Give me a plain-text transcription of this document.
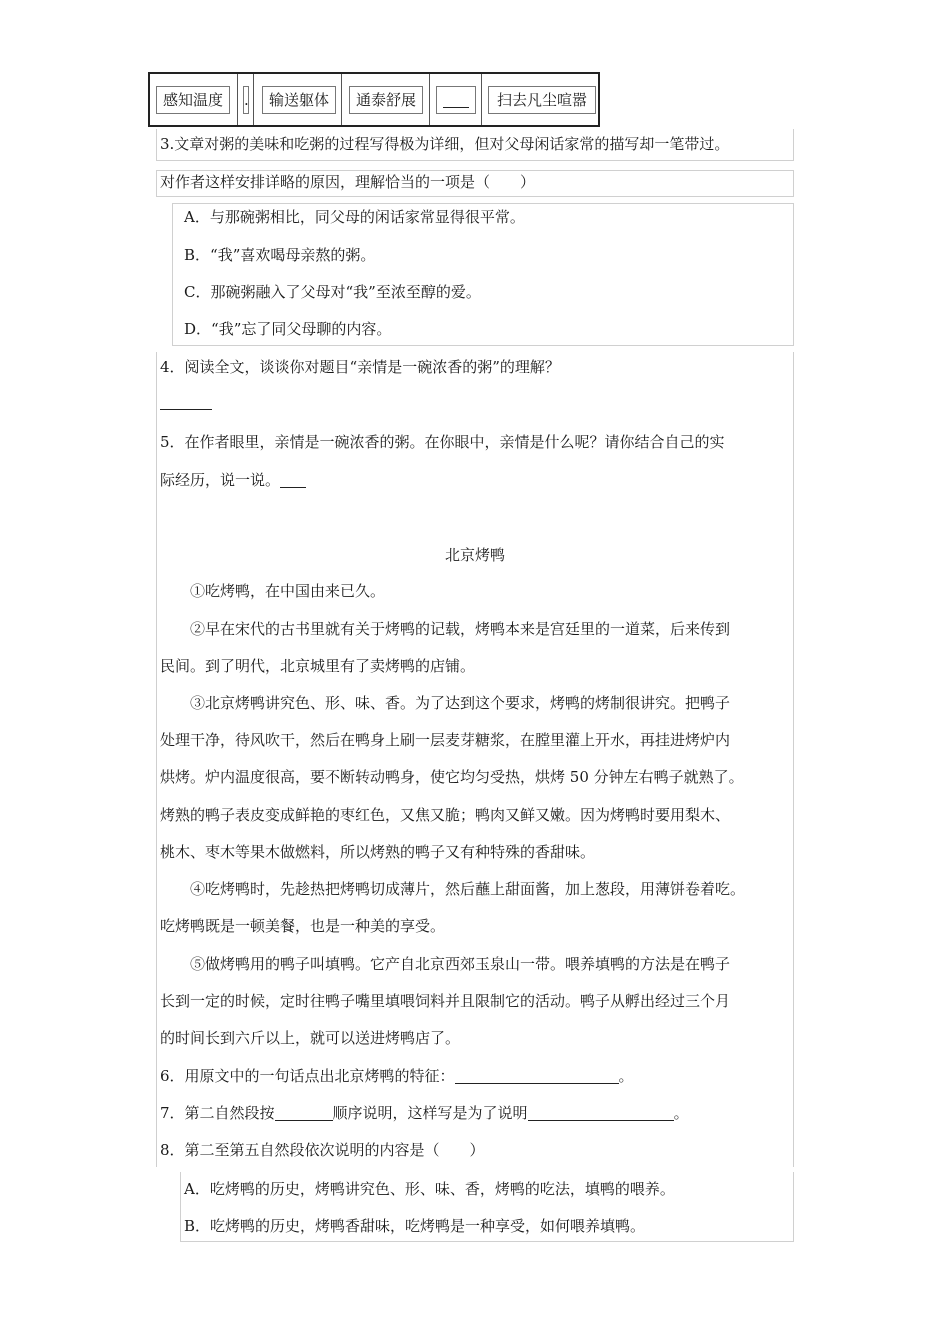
感知温度	.	输送躯体	通泰舒展	扫去凡尘喧嚣
3.文章对粥的美味和吃粥的过程写得极为详细，但对父母闲话家常的描写却一笔带过。
对作者这样安排详略的原因，理解恰当的一项是（　　）
A．与那碗粥相比，同父母的闲话家常显得很平常。
B．“我”喜欢喝母亲熬的粥。
C．那碗粥融入了父母对“我”至浓至醇的爱。
D．“我”忘了同父母聊的内容。
4．阅读全文，谈谈你对题目“亲情是一碗浓香的粥”的理解？
5．在作者眼里，亲情是一碗浓香的粥。在你眼中，亲情是什么呢？请你结合自己的实
际经历，说一说。
北京烤鸭
①吃烤鸭，在中国由来已久。
②早在宋代的古书里就有关于烤鸭的记载，烤鸭本来是宫廷里的一道菜，后来传到
民间。到了明代，北京城里有了卖烤鸭的店铺。
③北京烤鸭讲究色、形、味、香。为了达到这个要求，烤鸭的烤制很讲究。把鸭子
处理干净，待风吹干，然后在鸭身上刷一层麦芽糖浆，在膛里灌上开水，再挂进烤炉内
烘烤。炉内温度很高，要不断转动鸭身，使它均匀受热，烘烤 50 分钟左右鸭子就熟了。
烤熟的鸭子表皮变成鲜艳的枣红色，又焦又脆；鸭肉又鲜又嫩。因为烤鸭时要用梨木、
桃木、枣木等果木做燃料，所以烤熟的鸭子又有种特殊的香甜味。
④吃烤鸭时，先趁热把烤鸭切成薄片，然后蘸上甜面酱，加上葱段，用薄饼卷着吃。
吃烤鸭既是一顿美餐，也是一种美的享受。
⑤做烤鸭用的鸭子叫填鸭。它产自北京西郊玉泉山一带。喂养填鸭的方法是在鸭子
长到一定的时候，定时往鸭子嘴里填喂饲料并且限制它的活动。鸭子从孵出经过三个月
的时间长到六斤以上，就可以送进烤鸭店了。
6．用原文中的一句话点出北京烤鸭的特征：	。
7．第二自然段按	顺序说明，这样写是为了说明	。
8．第二至第五自然段依次说明的内容是（　　）
A．吃烤鸭的历史，烤鸭讲究色、形、味、香，烤鸭的吃法，填鸭的喂养。
B．吃烤鸭的历史，烤鸭香甜味，吃烤鸭是一种享受，如何喂养填鸭。
